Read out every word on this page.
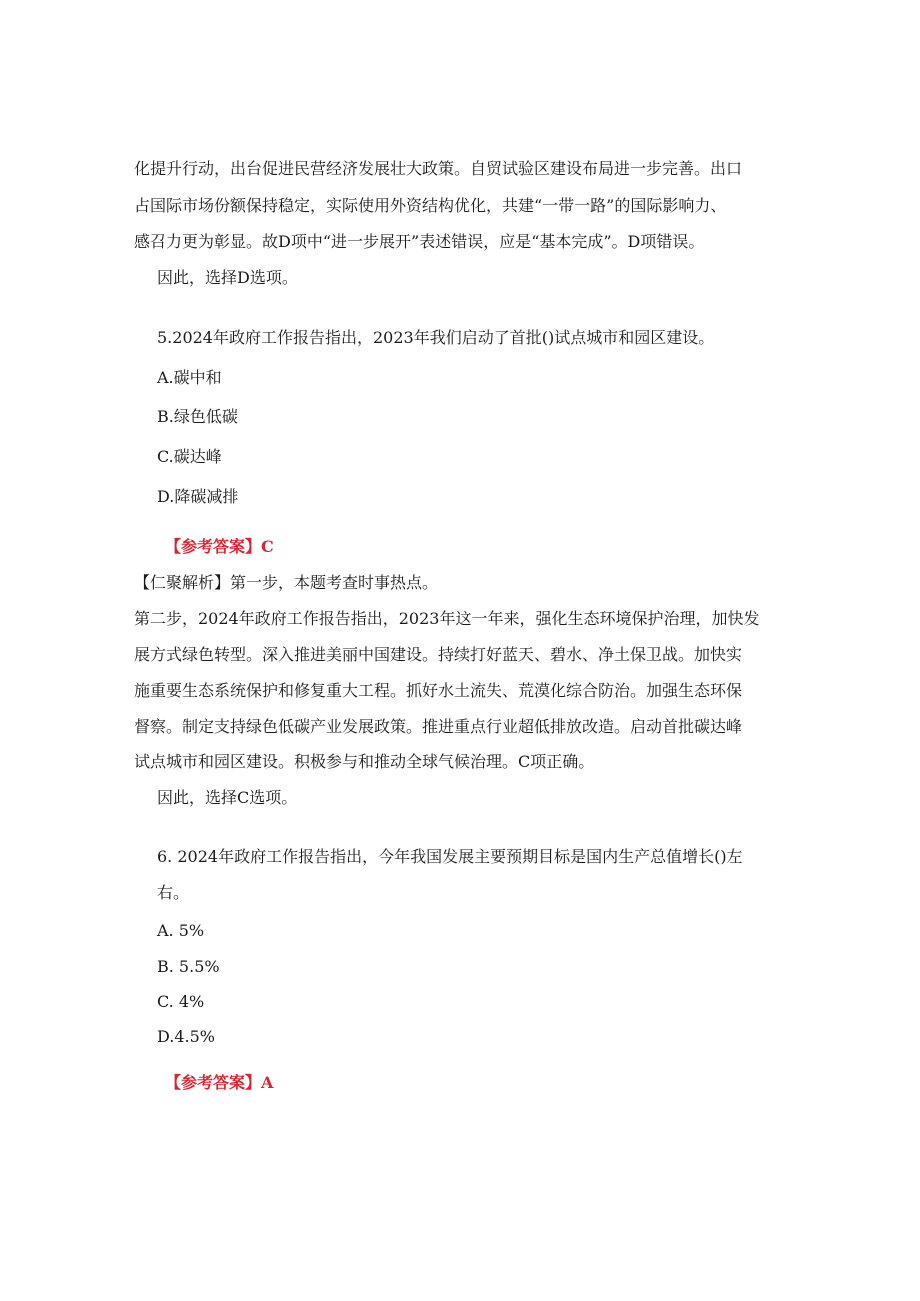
化提升行动，出台促进民营经济发展壮大政策。自贸试验区建设布局进一步完善。出口
占国际市场份额保持稳定，实际使用外资结构优化，共建“一带一路”的国际影响力、
感召力更为彰显。故D项中“进一步展开”表述错误，应是“基本完成”。D项错误。
因此，选择D选项。
5.2024年政府工作报告指出，2023年我们启动了首批()试点城市和园区建设。
A.碳中和
B.绿色低碳
C.碳达峰
D.降碳减排
【参考答案】C
【仁聚解析】第一步，本题考查时事热点。
第二步，2024年政府工作报告指出，2023年这一年来，强化生态环境保护治理，加快发
展方式绿色转型。深入推进美丽中国建设。持续打好蓝天、碧水、净土保卫战。加快实
施重要生态系统保护和修复重大工程。抓好水土流失、荒漠化综合防治。加强生态环保
督察。制定支持绿色低碳产业发展政策。推进重点行业超低排放改造。启动首批碳达峰
试点城市和园区建设。积极参与和推动全球气候治理。C项正确。
因此，选择C选项。
6. 2024年政府工作报告指出，今年我国发展主要预期目标是国内生产总值增长()左
右。
A. 5%
B. 5.5%
C. 4%
D.4.5%
【参考答案】A
